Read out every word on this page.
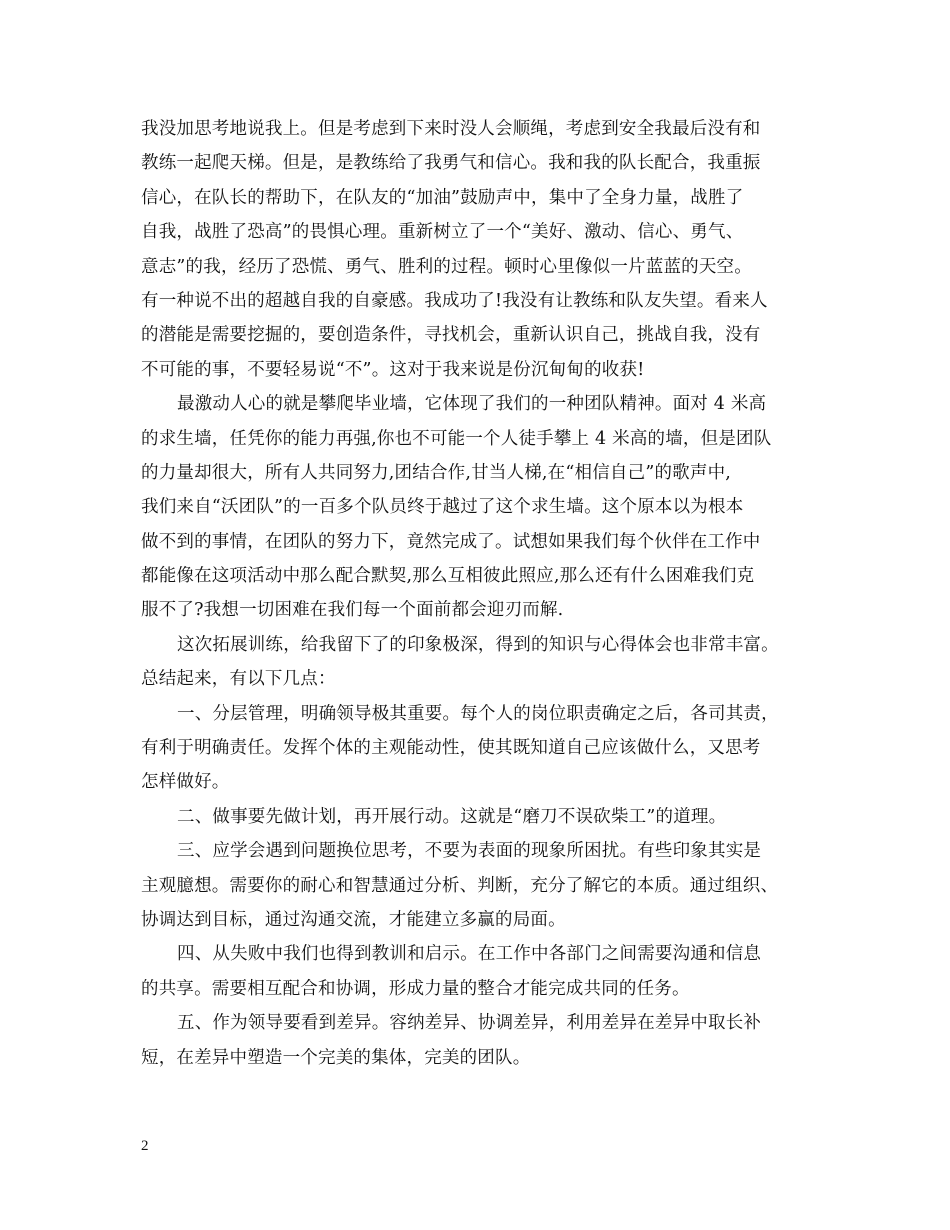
我没加思考地说我上。但是考虑到下来时没人会顺绳，考虑到安全我最后没有和
教练一起爬天梯。但是，是教练给了我勇气和信心。我和我的队长配合，我重振
信心，在队长的帮助下，在队友的“加油”鼓励声中，集中了全身力量，战胜了
自我，战胜了恐高”的畏惧心理。重新树立了一个“美好、激动、信心、勇气、
意志”的我，经历了恐慌、勇气、胜利的过程。顿时心里像似一片蓝蓝的天空。
有一种说不出的超越自我的自豪感。我成功了!我没有让教练和队友失望。看来人
的潜能是需要挖掘的，要创造条件，寻找机会，重新认识自己，挑战自我，没有
不可能的事，不要轻易说“不”。这对于我来说是份沉甸甸的收获!
最激动人心的就是攀爬毕业墙，它体现了我们的一种团队精神。面对 4 米高
的求生墙，任凭你的能力再强,你也不可能一个人徒手攀上 4 米高的墙，但是团队
的力量却很大，所有人共同努力,团结合作,甘当人梯,在“相信自己”的歌声中,
我们来自“沃团队”的一百多个队员终于越过了这个求生墙。这个原本以为根本
做不到的事情，在团队的努力下，竟然完成了。试想如果我们每个伙伴在工作中
都能像在这项活动中那么配合默契,那么互相彼此照应,那么还有什么困难我们克
服不了?我想一切困难在我们每一个面前都会迎刃而解.
这次拓展训练，给我留下了的印象极深，得到的知识与心得体会也非常丰富。
总结起来，有以下几点：
一、分层管理，明确领导极其重要。每个人的岗位职责确定之后，各司其责，
有利于明确责任。发挥个体的主观能动性，使其既知道自己应该做什么，又思考
怎样做好。
二、做事要先做计划，再开展行动。这就是“磨刀不误砍柴工”的道理。
三、应学会遇到问题换位思考，不要为表面的现象所困扰。有些印象其实是
主观臆想。需要你的耐心和智慧通过分析、判断，充分了解它的本质。通过组织、
协调达到目标，通过沟通交流，才能建立多赢的局面。
四、从失败中我们也得到教训和启示。在工作中各部门之间需要沟通和信息
的共享。需要相互配合和协调，形成力量的整合才能完成共同的任务。
五、作为领导要看到差异。容纳差异、协调差异，利用差异在差异中取长补
短，在差异中塑造一个完美的集体，完美的团队。
2
